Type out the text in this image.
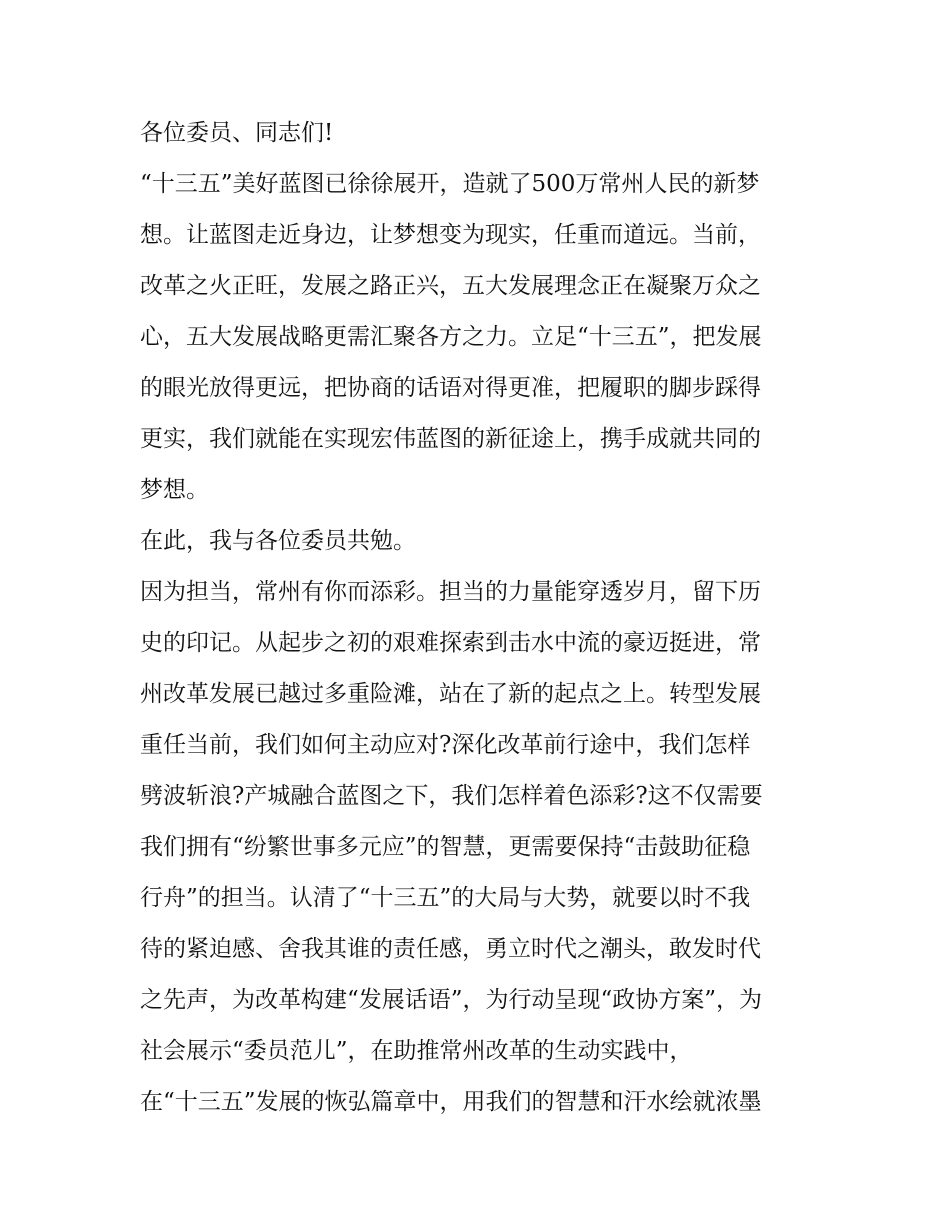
各位委员、同志们!
“十三五”美好蓝图已徐徐展开，造就了500万常州人民的新梦
想。让蓝图走近身边，让梦想变为现实，任重而道远。当前，
改革之火正旺，发展之路正兴，五大发展理念正在凝聚万众之
心，五大发展战略更需汇聚各方之力。立足“十三五”，把发展
的眼光放得更远，把协商的话语对得更准，把履职的脚步踩得
更实，我们就能在实现宏伟蓝图的新征途上，携手成就共同的
梦想。
在此，我与各位委员共勉。
因为担当，常州有你而添彩。担当的力量能穿透岁月，留下历
史的印记。从起步之初的艰难探索到击水中流的豪迈挺进，常
州改革发展已越过多重险滩，站在了新的起点之上。转型发展
重任当前，我们如何主动应对?深化改革前行途中，我们怎样
劈波斩浪?产城融合蓝图之下，我们怎样着色添彩?这不仅需要
我们拥有“纷繁世事多元应”的智慧，更需要保持“击鼓助征稳
行舟”的担当。认清了“十三五”的大局与大势，就要以时不我
待的紧迫感、舍我其谁的责任感，勇立时代之潮头，敢发时代
之先声，为改革构建“发展话语”，为行动呈现“政协方案”，为
社会展示“委员范儿”，在助推常州改革的生动实践中，
在“十三五”发展的恢弘篇章中，用我们的智慧和汗水绘就浓墨
